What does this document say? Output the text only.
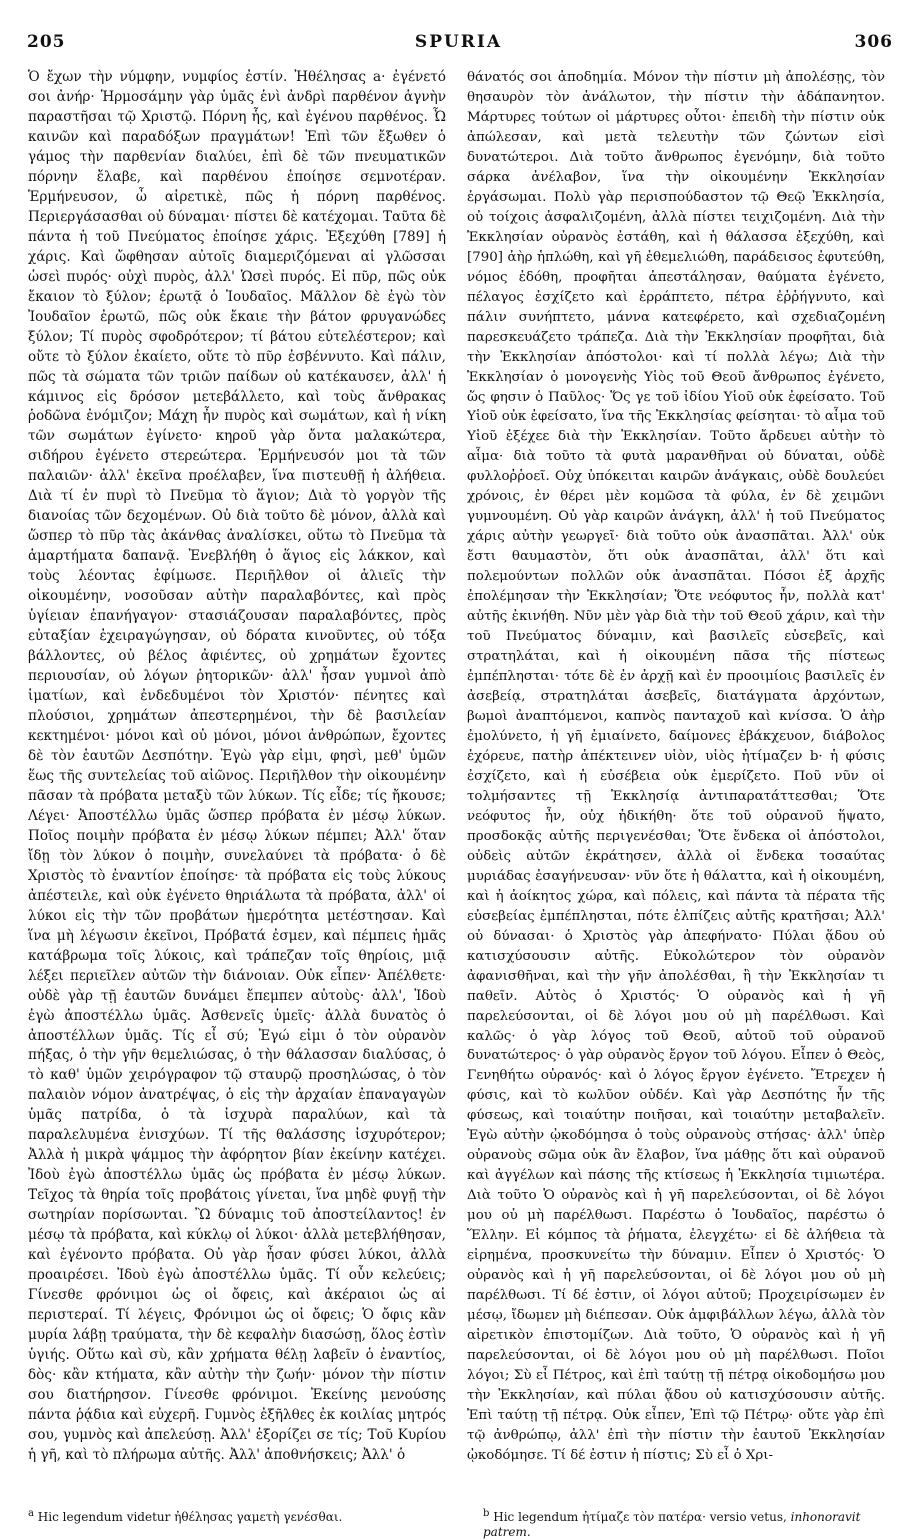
205	SPURIA	306

Ὁ ἔχων τὴν νύμφην, νυμφίος ἐστίν. Ἠθέλησας a· ἐγένετό σοι ἀνήρ· Ἡρμοσάμην γὰρ ὑμᾶς ἑνὶ ἀνδρὶ παρθένον ἁγνὴν παραστῆσαι τῷ Χριστῷ. Πόρνη ἧς, καὶ ἐγένου παρθένος. Ὦ καινῶν καὶ παραδόξων πραγμάτων! Ἐπὶ τῶν ἔξωθεν ὁ γάμος τὴν παρθενίαν διαλύει, ἐπὶ δὲ τῶν πνευματικῶν πόρνην ἔλαβε, καὶ παρθένου ἐποίησε σεμνοτέραν. Ἑρμήνευσον, ὦ αἱρετικὲ, πῶς ἡ πόρνη παρθένος. Περιεργάσασθαι οὐ δύναμαι· πίστει δὲ κατέχομαι. Ταῦτα δὲ πάντα ἡ τοῦ Πνεύματος ἐποίησε χάρις. Ἐξεχύθη [789] ἡ χάρις. Καὶ ὤφθησαν αὐτοῖς διαμεριζόμεναι αἱ γλῶσσαι ὡσεὶ πυρός· οὐχὶ πυρὸς, ἀλλ' Ὡσεὶ πυρός. Εἰ πῦρ, πῶς οὐκ ἔκαιον τὸ ξύλον; ἐρωτᾷ ὁ Ἰουδαῖος. Μᾶλλον δὲ ἐγὼ τὸν Ἰουδαῖον ἐρωτῶ, πῶς οὐκ ἔκαιε τὴν βάτον φρυγανώδες ξύλον; Τί πυρὸς σφοδρότερον; τί βάτου εὐτελέστερον; καὶ οὔτε τὸ ξύλον ἐκαίετο, οὔτε τὸ πῦρ ἐσβέννυτο. Καὶ πάλιν, πῶς τὰ σώματα τῶν τριῶν παίδων οὐ κατέκαυσεν, ἀλλ' ἡ κάμινος εἰς δρόσον μετεβάλλετο, καὶ τοὺς ἄνθρακας ῥοδῶνα ἐνόμιζον; Μάχη ἦν πυρὸς καὶ σωμάτων, καὶ ἡ νίκη τῶν σωμάτων ἐγίνετο· κηροῦ γὰρ ὄντα μαλακώτερα, σιδήρου ἐγένετο στερεώτερα. Ἑρμήνευσόν μοι τὰ τῶν παλαιῶν· ἀλλ' ἐκεῖνα προέλαβεν, ἵνα πιστευθῇ ἡ ἀλήθεια. Διὰ τί ἐν πυρὶ τὸ Πνεῦμα τὸ ἅγιον; Διὰ τὸ γοργὸν τῆς διανοίας τῶν δεχομένων. Οὐ διὰ τοῦτο δὲ μόνον, ἀλλὰ καὶ ὥσπερ τὸ πῦρ τὰς ἀκάνθας ἀναλίσκει, οὕτω τὸ Πνεῦμα τὰ ἁμαρτήματα δαπανᾷ. Ἐνεβλήθη ὁ ἅγιος εἰς λάκκον, καὶ τοὺς λέοντας ἐφίμωσε. Περιῆλθον οἱ ἁλιεῖς τὴν οἰκουμένην, νοσοῦσαν αὐτὴν παραλαβόντες, καὶ πρὸς ὑγίειαν ἐπανήγαγον· στασιάζουσαν παραλαβόντες, πρὸς εὐταξίαν ἐχειραγώγησαν, οὐ δόρατα κινοῦντες, οὐ τόξα βάλλοντες, οὐ βέλος ἀφιέντες, οὐ χρημάτων ἔχοντες περιουσίαν, οὐ λόγων ῥητορικῶν· ἀλλ' ἦσαν γυμνοὶ ἀπὸ ἱματίων, καὶ ἐνδεδυμένοι τὸν Χριστόν· πένητες καὶ πλούσιοι, χρημάτων ἀπεστερημένοι, τὴν δὲ βασιλείαν κεκτημένοι· μόνοι καὶ οὐ μόνοι, μόνοι ἀνθρώπων, ἔχοντες δὲ τὸν ἑαυτῶν Δεσπότην. Ἐγὼ γὰρ εἰμι, φησὶ, μεθ' ὑμῶν ἕως τῆς συντελείας τοῦ αἰῶνος. Περιῆλθον τὴν οἰκουμένην πᾶσαν τὰ πρόβατα μεταξὺ τῶν λύκων. Τίς εἶδε; τίς ἤκουσε; Λέγει· Ἀποστέλλω ὑμᾶς ὥσπερ πρόβατα ἐν μέσῳ λύκων. Ποῖος ποιμὴν πρόβατα ἐν μέσῳ λύκων πέμπει; Ἀλλ' ὅταν ἴδῃ τὸν λύκον ὁ ποιμὴν, συνελαύνει τὰ πρόβατα· ὁ δὲ Χριστὸς τὸ ἐναντίον ἐποίησε· τὰ πρόβατα εἰς τοὺς λύκους ἀπέστειλε, καὶ οὐκ ἐγένετο θηριάλωτα τὰ πρόβατα, ἀλλ' οἱ λύκοι εἰς τὴν τῶν προβάτων ἡμερότητα μετέστησαν. Καὶ ἵνα μὴ λέγωσιν ἐκεῖνοι, Πρόβατά ἐσμεν, καὶ πέμπεις ἡμᾶς κατάβρωμα τοῖς λύκοις, καὶ τράπεζαν τοῖς θηρίοις, μιᾷ λέξει περιεῖλεν αὐτῶν τὴν διάνοιαν. Οὐκ εἶπεν· Ἀπέλθετε· οὐδὲ γὰρ τῇ ἑαυτῶν δυνάμει ἔπεμπεν αὐτοὺς· ἀλλ', Ἰδοὺ ἐγὼ ἀποστέλλω ὑμᾶς. Ἀσθενεῖς ὑμεῖς· ἀλλὰ δυνατὸς ὁ ἀποστέλλων ὑμᾶς. Τίς εἶ σύ; Ἐγώ εἰμι ὁ τὸν οὐρανὸν πήξας, ὁ τὴν γῆν θεμελιώσας, ὁ τὴν θάλασσαν διαλύσας, ὁ τὸ καθ' ὑμῶν χειρόγραφον τῷ σταυρῷ προσηλώσας, ὁ τὸν παλαιὸν νόμον ἀνατρέψας, ὁ εἰς τὴν ἀρχαίαν ἐπαναγαγὼν ὑμᾶς πατρίδα, ὁ τὰ ἰσχυρὰ παραλύων, καὶ τὰ παραλελυμένα ἐνισχύων. Τί τῆς θαλάσσης ἰσχυρότερον; Ἀλλὰ ἡ μικρὰ ψάμμος τὴν ἀφόρητον βίαν ἐκείνην κατέχει. Ἰδοὺ ἐγὼ ἀποστέλλω ὑμᾶς ὡς πρόβατα ἐν μέσῳ λύκων. Τεῖχος τὰ θηρία τοῖς προβάτοις γίνεται, ἵνα μηδὲ φυγῇ τὴν σωτηρίαν πορίσωνται. Ὢ δύναμις τοῦ ἀποστείλαντος! ἐν μέσῳ τὰ πρόβατα, καὶ κύκλῳ οἱ λύκοι· ἀλλὰ μετεβλήθησαν, καὶ ἐγένοντο πρόβατα. Οὐ γὰρ ἦσαν φύσει λύκοι, ἀλλὰ προαιρέσει. Ἰδοὺ ἐγὼ ἀποστέλλω ὑμᾶς. Τί οὖν κελεύεις; Γίνεσθε φρόνιμοι ὡς οἱ ὄφεις, καὶ ἀκέραιοι ὡς αἱ περιστεραί. Τί λέγεις, Φρόνιμοι ὡς οἱ ὄφεις; Ὁ ὄφις κἂν μυρία λάβῃ τραύματα, τὴν δὲ κεφαλὴν διασώσῃ, ὅλος ἐστὶν ὑγιής. Οὕτω καὶ σὺ, κἂν χρήματα θέλῃ λαβεῖν ὁ ἐναντίος, δὸς· κἂν κτήματα, κἂν αὐτὴν τὴν ζωήν· μόνον τὴν πίστιν σου διατήρησον. Γίνεσθε φρόνιμοι. Ἐκείνης μενούσης πάντα ῥᾴδια καὶ εὐχερῆ. Γυμνὸς ἐξῆλθες ἐκ κοιλίας μητρός σου, γυμνὸς καὶ ἀπελεύσῃ. Ἀλλ' ἐξορίζει σε τίς; Τοῦ Κυρίου ἡ γῆ, καὶ τὸ πλήρωμα αὐτῆς. Ἀλλ' ἀποθνήσκεις; Ἀλλ' ὁ

θάνατός σοι ἀποδημία. Μόνον τὴν πίστιν μὴ ἀπολέσῃς, τὸν θησαυρὸν τὸν ἀνάλωτον, τὴν πίστιν τὴν ἀδάπανητον. Μάρτυρες τούτων οἱ μάρτυρες οὗτοι· ἐπειδὴ τὴν πίστιν οὐκ ἀπώλεσαν, καὶ μετὰ τελευτὴν τῶν ζώντων εἰσὶ δυνατώτεροι. Διὰ τοῦτο ἄνθρωπος ἐγενόμην, διὰ τοῦτο σάρκα ἀνέλαβον, ἵνα τὴν οἰκουμένην Ἐκκλησίαν ἐργάσωμαι. Πολὺ γὰρ περισπούδαστον τῷ Θεῷ Ἐκκλησία, οὐ τοίχοις ἀσφαλιζομένη, ἀλλὰ πίστει τειχιζομένη. Διὰ τὴν Ἐκκλησίαν οὐρανὸς ἐστάθη, καὶ ἡ θάλασσα ἐξεχύθη, καὶ [790] ἀὴρ ἡπλώθη, καὶ γῆ ἐθεμελιώθη, παράδεισος ἐφυτεύθη, νόμος ἐδόθη, προφῆται ἀπεστάλησαν, θαύματα ἐγένετο, πέλαγος ἐσχίζετο καὶ ἐρράπτετο, πέτρα ἐῤῥήγνυτο, καὶ πάλιν συνήπτετο, μάννα κατεφέρετο, καὶ σχεδιαζομένη παρεσκευάζετο τράπεζα. Διὰ τὴν Ἐκκλησίαν προφῆται, διὰ τὴν Ἐκκλησίαν ἀπόστολοι· καὶ τί πολλὰ λέγω; Διὰ τὴν Ἐκκλησίαν ὁ μονογενὴς Υἱὸς τοῦ Θεοῦ ἄνθρωπος ἐγένετο, ὥς φησιν ὁ Παῦλος· Ὅς γε τοῦ ἰδίου Υἱοῦ οὐκ ἐφείσατο. Τοῦ Υἱοῦ οὐκ ἐφείσατο, ἵνα τῆς Ἐκκλησίας φείσηται· τὸ αἷμα τοῦ Υἱοῦ ἐξέχεε διὰ τὴν Ἐκκλησίαν. Τοῦτο ἄρδευει αὐτὴν τὸ αἷμα· διὰ τοῦτο τὰ φυτὰ μαρανθῆναι οὐ δύναται, οὐδὲ φυλλοῤῥοεῖ. Οὐχ ὑπόκειται καιρῶν ἀνάγκαις, οὐδὲ δουλεύει χρόνοις, ἐν θέρει μὲν κομῶσα τὰ φύλα, ἐν δὲ χειμῶνι γυμνουμένη. Οὐ γὰρ καιρῶν ἀνάγκη, ἀλλ' ἡ τοῦ Πνεύματος χάρις αὐτὴν γεωργεῖ· διὰ τοῦτο οὐκ ἀνασπᾶται. Ἀλλ' οὐκ ἔστι θαυμαστὸν, ὅτι οὐκ ἀνασπᾶται, ἀλλ' ὅτι καὶ πολεμούντων πολλῶν οὐκ ἀνασπᾶται. Πόσοι ἐξ ἀρχῆς ἐπολέμησαν τὴν Ἐκκλησίαν; Ὅτε νεόφυτος ἦν, πολλὰ κατ' αὐτῆς ἐκινήθη. Νῦν μὲν γὰρ διὰ τὴν τοῦ Θεοῦ χάριν, καὶ τὴν τοῦ Πνεύματος δύναμιν, καὶ βασιλεῖς εὐσεβεῖς, καὶ στρατηλάται, καὶ ἡ οἰκουμένη πᾶσα τῆς πίστεως ἐμπέπλησται· τότε δὲ ἐν ἀρχῇ καὶ ἐν προοιμίοις βασιλεῖς ἐν ἀσεβείᾳ, στρατηλάται ἀσεβεῖς, διατάγματα ἀρχόντων, βωμοὶ ἀναπτόμενοι, καπνὸς πανταχοῦ καὶ κνίσσα. Ὁ ἀὴρ ἐμολύνετο, ἡ γῆ ἐμιαίνετο, δαίμονες ἐβάκχευον, διάβολος ἐχόρευε, πατὴρ ἀπέκτεινεν υἱὸν, υἱὸς ἠτίμαζεν b· ἡ φύσις ἐσχίζετο, καὶ ἡ εὐσέβεια οὐκ ἐμερίζετο. Ποῦ νῦν οἱ τολμήσαντες τῇ Ἐκκλησίᾳ ἀντιπαρατάττεσθαι; Ὅτε νεόφυτος ἦν, οὐχ ἡδικήθη· ὅτε τοῦ οὐρανοῦ ἥψατο, προσδοκᾷς αὐτῆς περιγενέσθαι; Ὅτε ἔνδεκα οἱ ἀπόστολοι, οὐδεὶς αὐτῶν ἐκράτησεν, ἀλλὰ οἱ ἕνδεκα τοσαύτας μυριάδας ἐσαγήνευσαν· νῦν ὅτε ἡ θάλαττα, καὶ ἡ οἰκουμένη, καὶ ἡ ἀοίκητος χώρα, καὶ πόλεις, καὶ πάντα τὰ πέρατα τῆς εὐσεβείας ἐμπέπλησται, πότε ἐλπίζεις αὐτῆς κρατῆσαι; Ἀλλ' οὐ δύνασαι· ὁ Χριστὸς γὰρ ἀπεφήνατο· Πύλαι ᾅδου οὐ κατισχύσουσιν αὐτῆς. Εὐκολώτερον τὸν οὐρανὸν ἀφανισθῆναι, καὶ τὴν γῆν ἀπολέσθαι, ἢ τὴν Ἐκκλησίαν τι παθεῖν. Αὐτὸς ὁ Χριστός· Ὁ οὐρανὸς καὶ ἡ γῆ παρελεύσονται, οἱ δὲ λόγοι μου οὐ μὴ παρέλθωσι. Καὶ καλῶς· ὁ γὰρ λόγος τοῦ Θεοῦ, αὐτοῦ τοῦ οὐρανοῦ δυνατώτερος· ὁ γὰρ οὐρανὸς ἔργον τοῦ λόγου. Εἶπεν ὁ Θεὸς, Γενηθήτω οὐρανός· καὶ ὁ λόγος ἔργον ἐγένετο. Ἔτρεχεν ἡ φύσις, καὶ τὸ κωλῦον οὐδέν. Καὶ γὰρ Δεσπότης ἦν τῆς φύσεως, καὶ τοιαύτην ποιῆσαι, καὶ τοιαύτην μεταβαλεῖν. Ἐγὼ αὐτὴν ᾠκοδόμησα ὁ τοὺς οὐρανοὺς στήσας· ἀλλ' ὑπὲρ οὐρανοὺς σῶμα οὐκ ἂν ἔλαβον, ἵνα μάθῃς ὅτι καὶ οὐρανοῦ καὶ ἀγγέλων καὶ πάσης τῆς κτίσεως ἡ Ἐκκλησία τιμιωτέρα. Διὰ τοῦτο Ὁ οὐρανὸς καὶ ἡ γῆ παρελεύσονται, οἱ δὲ λόγοι μου οὐ μὴ παρέλθωσι. Παρέστω ὁ Ἰουδαῖος, παρέστω ὁ Ἕλλην. Εἰ κόμπος τὰ ῥήματα, ἐλεγχέτω· εἰ δὲ ἀλήθεια τὰ εἰρημένα, προσκυνείτω τὴν δύναμιν. Εἶπεν ὁ Χριστός· Ὁ οὐρανὸς καὶ ἡ γῆ παρελεύσονται, οἱ δὲ λόγοι μου οὐ μὴ παρέλθωσι. Τί δέ ἐστιν, οἱ λόγοι αὐτοῦ; Προχειρίσωμεν ἐν μέσῳ, ἴδωμεν μὴ διέπεσαν. Οὐκ ἀμφιβάλλων λέγω, ἀλλὰ τὸν αἱρετικὸν ἐπιστομίζων. Διὰ τοῦτο, Ὁ οὐρανὸς καὶ ἡ γῆ παρελεύσονται, οἱ δὲ λόγοι μου οὐ μὴ παρέλθωσι. Ποῖοι λόγοι; Σὺ εἶ Πέτρος, καὶ ἐπὶ ταύτῃ τῇ πέτρᾳ οἰκοδομήσω μου τὴν Ἐκκλησίαν, καὶ πύλαι ᾅδου οὐ κατισχύσουσιν αὐτῆς. Ἐπὶ ταύτῃ τῇ πέτρᾳ. Οὐκ εἶπεν, Ἐπὶ τῷ Πέτρῳ· οὔτε γὰρ ἐπὶ τῷ ἀνθρώπῳ, ἀλλ' ἐπὶ τὴν πίστιν τὴν ἑαυτοῦ Ἐκκλησίαν ᾠκοδόμησε. Τί δέ ἐστιν ἡ πίστις; Σὺ εἶ ὁ Χρι-

$^a$ Hic legendum videtur ἠθέλησας γαμετὴ γενέσθαι.	$^b$ Hic legendum ἠτίμαζε τὸν πατέρα· versio vetus, inhonoravit patrem.
